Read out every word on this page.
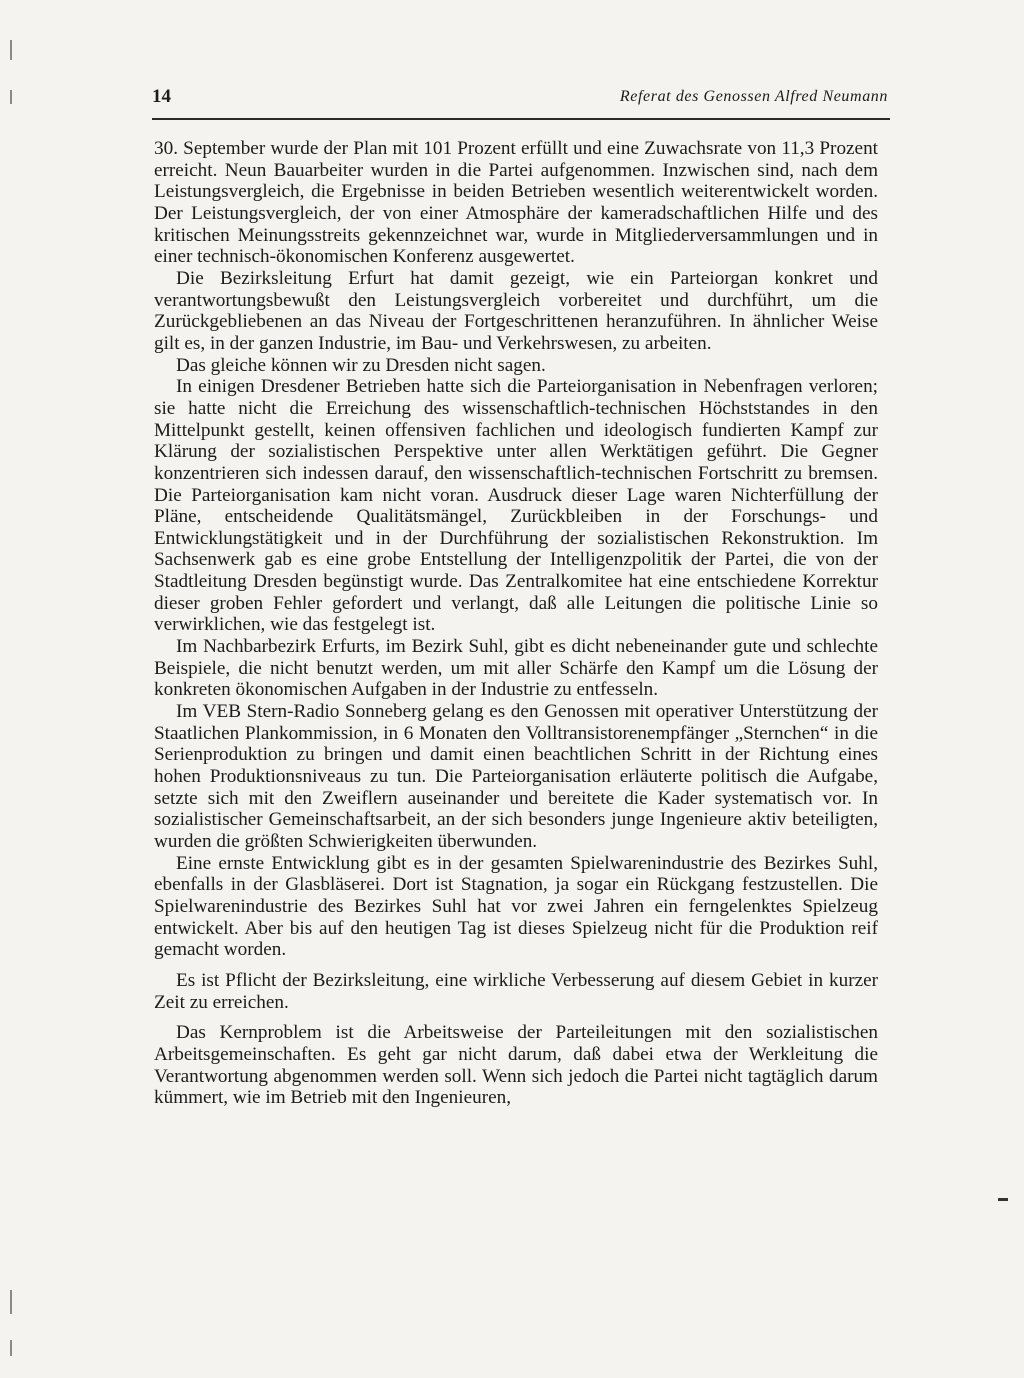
14	Referat des Genossen Alfred Neumann

30. September wurde der Plan mit 101 Prozent erfüllt und eine Zuwachsrate von 11,3 Prozent erreicht. Neun Bauarbeiter wurden in die Partei aufgenommen. Inzwischen sind, nach dem Leistungsvergleich, die Ergebnisse in beiden Betrieben wesentlich weiterentwickelt worden. Der Leistungsvergleich, der von einer Atmosphäre der kameradschaftlichen Hilfe und des kritischen Meinungsstreits gekennzeichnet war, wurde in Mitgliederversammlungen und in einer technisch-ökonomischen Konferenz ausgewertet.

Die Bezirksleitung Erfurt hat damit gezeigt, wie ein Parteiorgan konkret und verantwortungsbewußt den Leistungsvergleich vorbereitet und durchführt, um die Zurückgebliebenen an das Niveau der Fortgeschrittenen heranzuführen. In ähnlicher Weise gilt es, in der ganzen Industrie, im Bau- und Verkehrswesen, zu arbeiten.

Das gleiche können wir zu Dresden nicht sagen.

In einigen Dresdener Betrieben hatte sich die Parteiorganisation in Nebenfragen verloren; sie hatte nicht die Erreichung des wissenschaftlich-technischen Höchststandes in den Mittelpunkt gestellt, keinen offensiven fachlichen und ideologisch fundierten Kampf zur Klärung der sozialistischen Perspektive unter allen Werktätigen geführt. Die Gegner konzentrieren sich indessen darauf, den wissenschaftlich-technischen Fortschritt zu bremsen. Die Parteiorganisation kam nicht voran. Ausdruck dieser Lage waren Nichterfüllung der Pläne, entscheidende Qualitätsmängel, Zurückbleiben in der Forschungs- und Entwicklungstätigkeit und in der Durchführung der sozialistischen Rekonstruktion. Im Sachsenwerk gab es eine grobe Entstellung der Intelligenzpolitik der Partei, die von der Stadtleitung Dresden begünstigt wurde. Das Zentralkomitee hat eine entschiedene Korrektur dieser groben Fehler gefordert und verlangt, daß alle Leitungen die politische Linie so verwirklichen, wie das festgelegt ist.

Im Nachbarbezirk Erfurts, im Bezirk Suhl, gibt es dicht nebeneinander gute und schlechte Beispiele, die nicht benutzt werden, um mit aller Schärfe den Kampf um die Lösung der konkreten ökonomischen Aufgaben in der Industrie zu entfesseln.

Im VEB Stern-Radio Sonneberg gelang es den Genossen mit operativer Unterstützung der Staatlichen Plankommission, in 6 Monaten den Volltransistorenempfänger „Sternchen“ in die Serienproduktion zu bringen und damit einen beachtlichen Schritt in der Richtung eines hohen Produktionsniveaus zu tun. Die Parteiorganisation erläuterte politisch die Aufgabe, setzte sich mit den Zweiflern auseinander und bereitete die Kader systematisch vor. In sozialistischer Gemeinschaftsarbeit, an der sich besonders junge Ingenieure aktiv beteiligten, wurden die größten Schwierigkeiten überwunden.

Eine ernste Entwicklung gibt es in der gesamten Spielwarenindustrie des Bezirkes Suhl, ebenfalls in der Glasbläserei. Dort ist Stagnation, ja sogar ein Rückgang festzustellen. Die Spielwarenindustrie des Bezirkes Suhl hat vor zwei Jahren ein ferngelenktes Spielzeug entwickelt. Aber bis auf den heutigen Tag ist dieses Spielzeug nicht für die Produktion reif gemacht worden.

Es ist Pflicht der Bezirksleitung, eine wirkliche Verbesserung auf diesem Gebiet in kurzer Zeit zu erreichen.

Das Kernproblem ist die Arbeitsweise der Parteileitungen mit den sozialistischen Arbeitsgemeinschaften. Es geht gar nicht darum, daß dabei etwa der Werkleitung die Verantwortung abgenommen werden soll. Wenn sich jedoch die Partei nicht tagtäglich darum kümmert, wie im Betrieb mit den Ingenieuren,
